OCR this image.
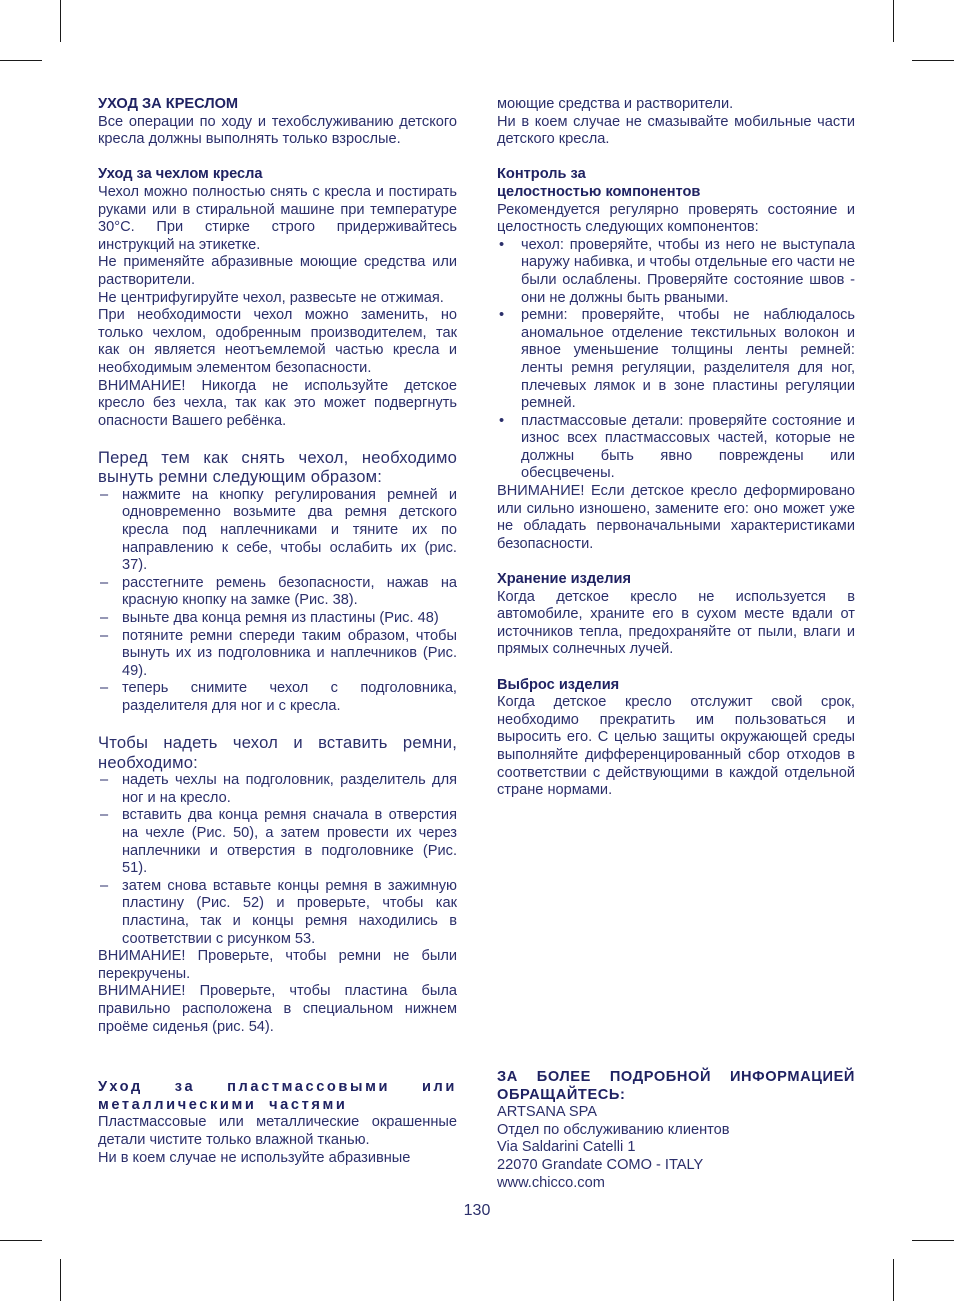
УХОД ЗА КРЕСЛОМ

Все операции по ходу и техобслуживанию детского кресла должны выполнять только взрослые.

Уход за чехлом кресла

Чехол можно полностью снять с кресла и постирать руками или в стиральной машине при температуре 30°С. При стирке строго придерживайтесь инструкций на этикетке.

Не применяйте абразивные моющие средства или растворители.

Не центрифугируйте чехол, развесьте не отжимая.

При необходимости чехол можно заменить, но только чехлом, одобренным производителем, так как он является неотъемлемой частью кресла и необходимым элементом безопасности.

ВНИМАНИЕ! Никогда не используйте детское кресло без чехла, так как это может подвергнуть опасности Вашего ребёнка.

Перед тем как снять чехол, необходимо вынуть ремни следующим образом:

– нажмите на кнопку регулирования ремней и одновременно возьмите два ремня детского кресла под наплечниками и тяните их по направлению к себе, чтобы ослабить их (рис. 37).
– расстегните ремень безопасности, нажав на красную кнопку на замке (Рис. 38).
– выньте два конца ремня из пластины (Рис. 48)
– потяните ремни спереди таким образом, чтобы вынуть их из подголовника и наплечников (Рис. 49).
– теперь снимите чехол с подголовника, разделителя для ног и с кресла.

Чтобы надеть чехол и вставить ремни, необходимо:

– надеть чехлы на подголовник, разделитель для ног и на кресло.
– вставить два конца ремня сначала в отверстия на чехле (Рис. 50), а затем провести их через наплечники и отверстия в подголовнике (Рис. 51).
– затем снова вставьте концы ремня в зажимную пластину (Рис. 52) и проверьте, чтобы как пластина, так и концы ремня находились в соответствии с рисунком 53.

ВНИМАНИЕ! Проверьте, чтобы ремни не были перекручены.

ВНИМАНИЕ! Проверьте, чтобы пластина была правильно расположена в специальном нижнем проёме сиденья (рис. 54).

Уход за пластмассовыми или металлическими частями

Пластмассовые или металлические окрашенные детали чистите только влажной тканью.

Ни в коем случае не используйте абразивные

моющие средства и растворители.

Ни в коем случае не смазывайте мобильные части детского кресла.

Контроль за

целостностью компонентов

Рекомендуется регулярно проверять состояние и целостность следующих компонентов:

• чехол: проверяйте, чтобы из него не выступала наружу набивка, и чтобы отдельные его части не были ослаблены. Проверяйте состояние швов - они не должны быть рваными.
• ремни: проверяйте, чтобы не наблюдалось аномальное отделение текстильных волокон и явное уменьшение толщины ленты ремней: ленты ремня регуляции, разделителя для ног, плечевых лямок и в зоне пластины регуляции ремней.
• пластмассовые детали: проверяйте состояние и износ всех пластмассовых частей, которые не должны быть явно повреждены или обесцвечены.

ВНИМАНИЕ! Если детское кресло деформировано или сильно изношено, замените его: оно может уже не обладать первоначальными характеристиками безопасности.

Хранение изделия

Когда детское кресло не используется в автомобиле, храните его в сухом месте вдали от источников тепла, предохраняйте от пыли, влаги и прямых солнечных лучей.

Выброс изделия

Когда детское кресло отслужит свой срок, необходимо прекратить им пользоваться и выросить его. С целью защиты окружающей среды выполняйте дифференцированный сбор отходов в соответствии с действующими в каждой отдельной стране нормами.

ЗА БОЛЕЕ ПОДРОБНОЙ ИНФОРМАЦИЕЙ ОБРАЩАЙТЕСЬ:

ARTSANA SPA
Отдел по обслуживанию клиентов
Via Saldarini Catelli 1
22070 Grandate COMO - ITALY
www.chicco.com
130
